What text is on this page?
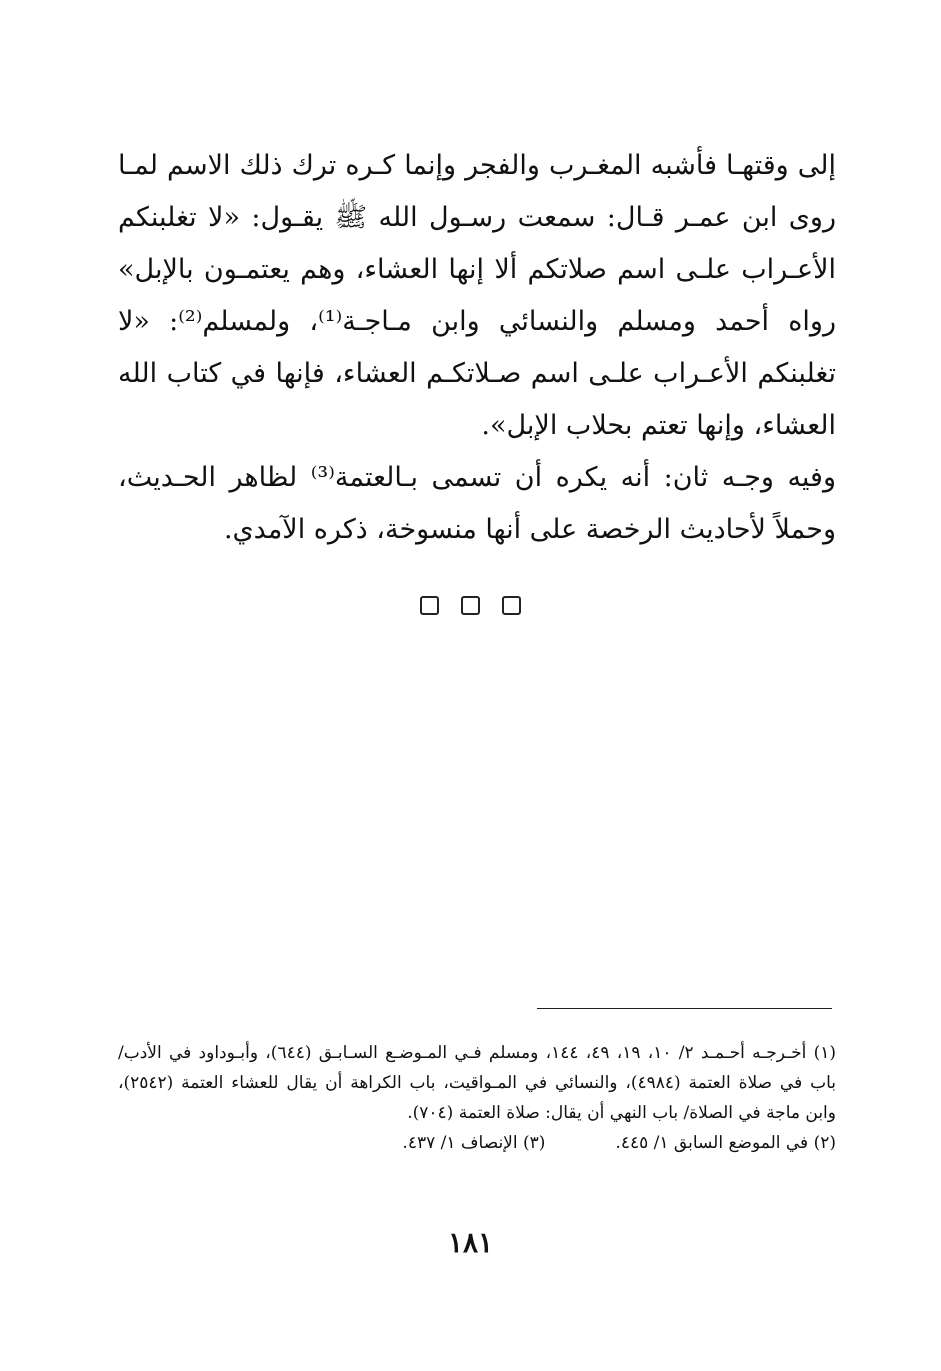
إلى وقتهـا فأشبه المغـرب والفجر وإنما كـره ترك ذلك الاسم لمـا روى ابن عمـر قـال: سمعت رسـول الله ﷺ يقـول: «لا تغلبنكم الأعـراب علـى اسم صلاتكم ألا إنها العشاء، وهم يعتمـون بالإبل» رواه أحمد ومسلم والنسائي وابن مـاجـة⁽¹⁾، ولمسلم⁽²⁾: «لا تغلبنكم الأعـراب علـى اسم صـلاتكـم العشاء، فإنها في كتاب الله العشاء، وإنها تعتم بحلاب الإبل».

وفيه وجـه ثان: أنه يكره أن تسمى بـالعتمة⁽³⁾ لظاهر الحـديث، وحملاً لأحاديث الرخصة على أنها منسوخة، ذكره الآمدي.

(١) أخـرجـه أحـمـد ٢/ ١٠، ١٩، ٤٩، ١٤٤، ومسلم فـي المـوضـع السـابـق (٦٤٤)، وأبـوداود في الأدب/ باب في صلاة العتمة (٤٩٨٤)، والنسائي في المـواقيت، باب الكراهة أن يقال للعشاء العتمة (٢٥٤٢)، وابن ماجة في الصلاة/ باب النهي أن يقال: صلاة العتمة (٧٠٤).

(٢) في الموضع السابق ١/ ٤٤٥.
(٣) الإنصاف ١/ ٤٣٧.
١٨١
